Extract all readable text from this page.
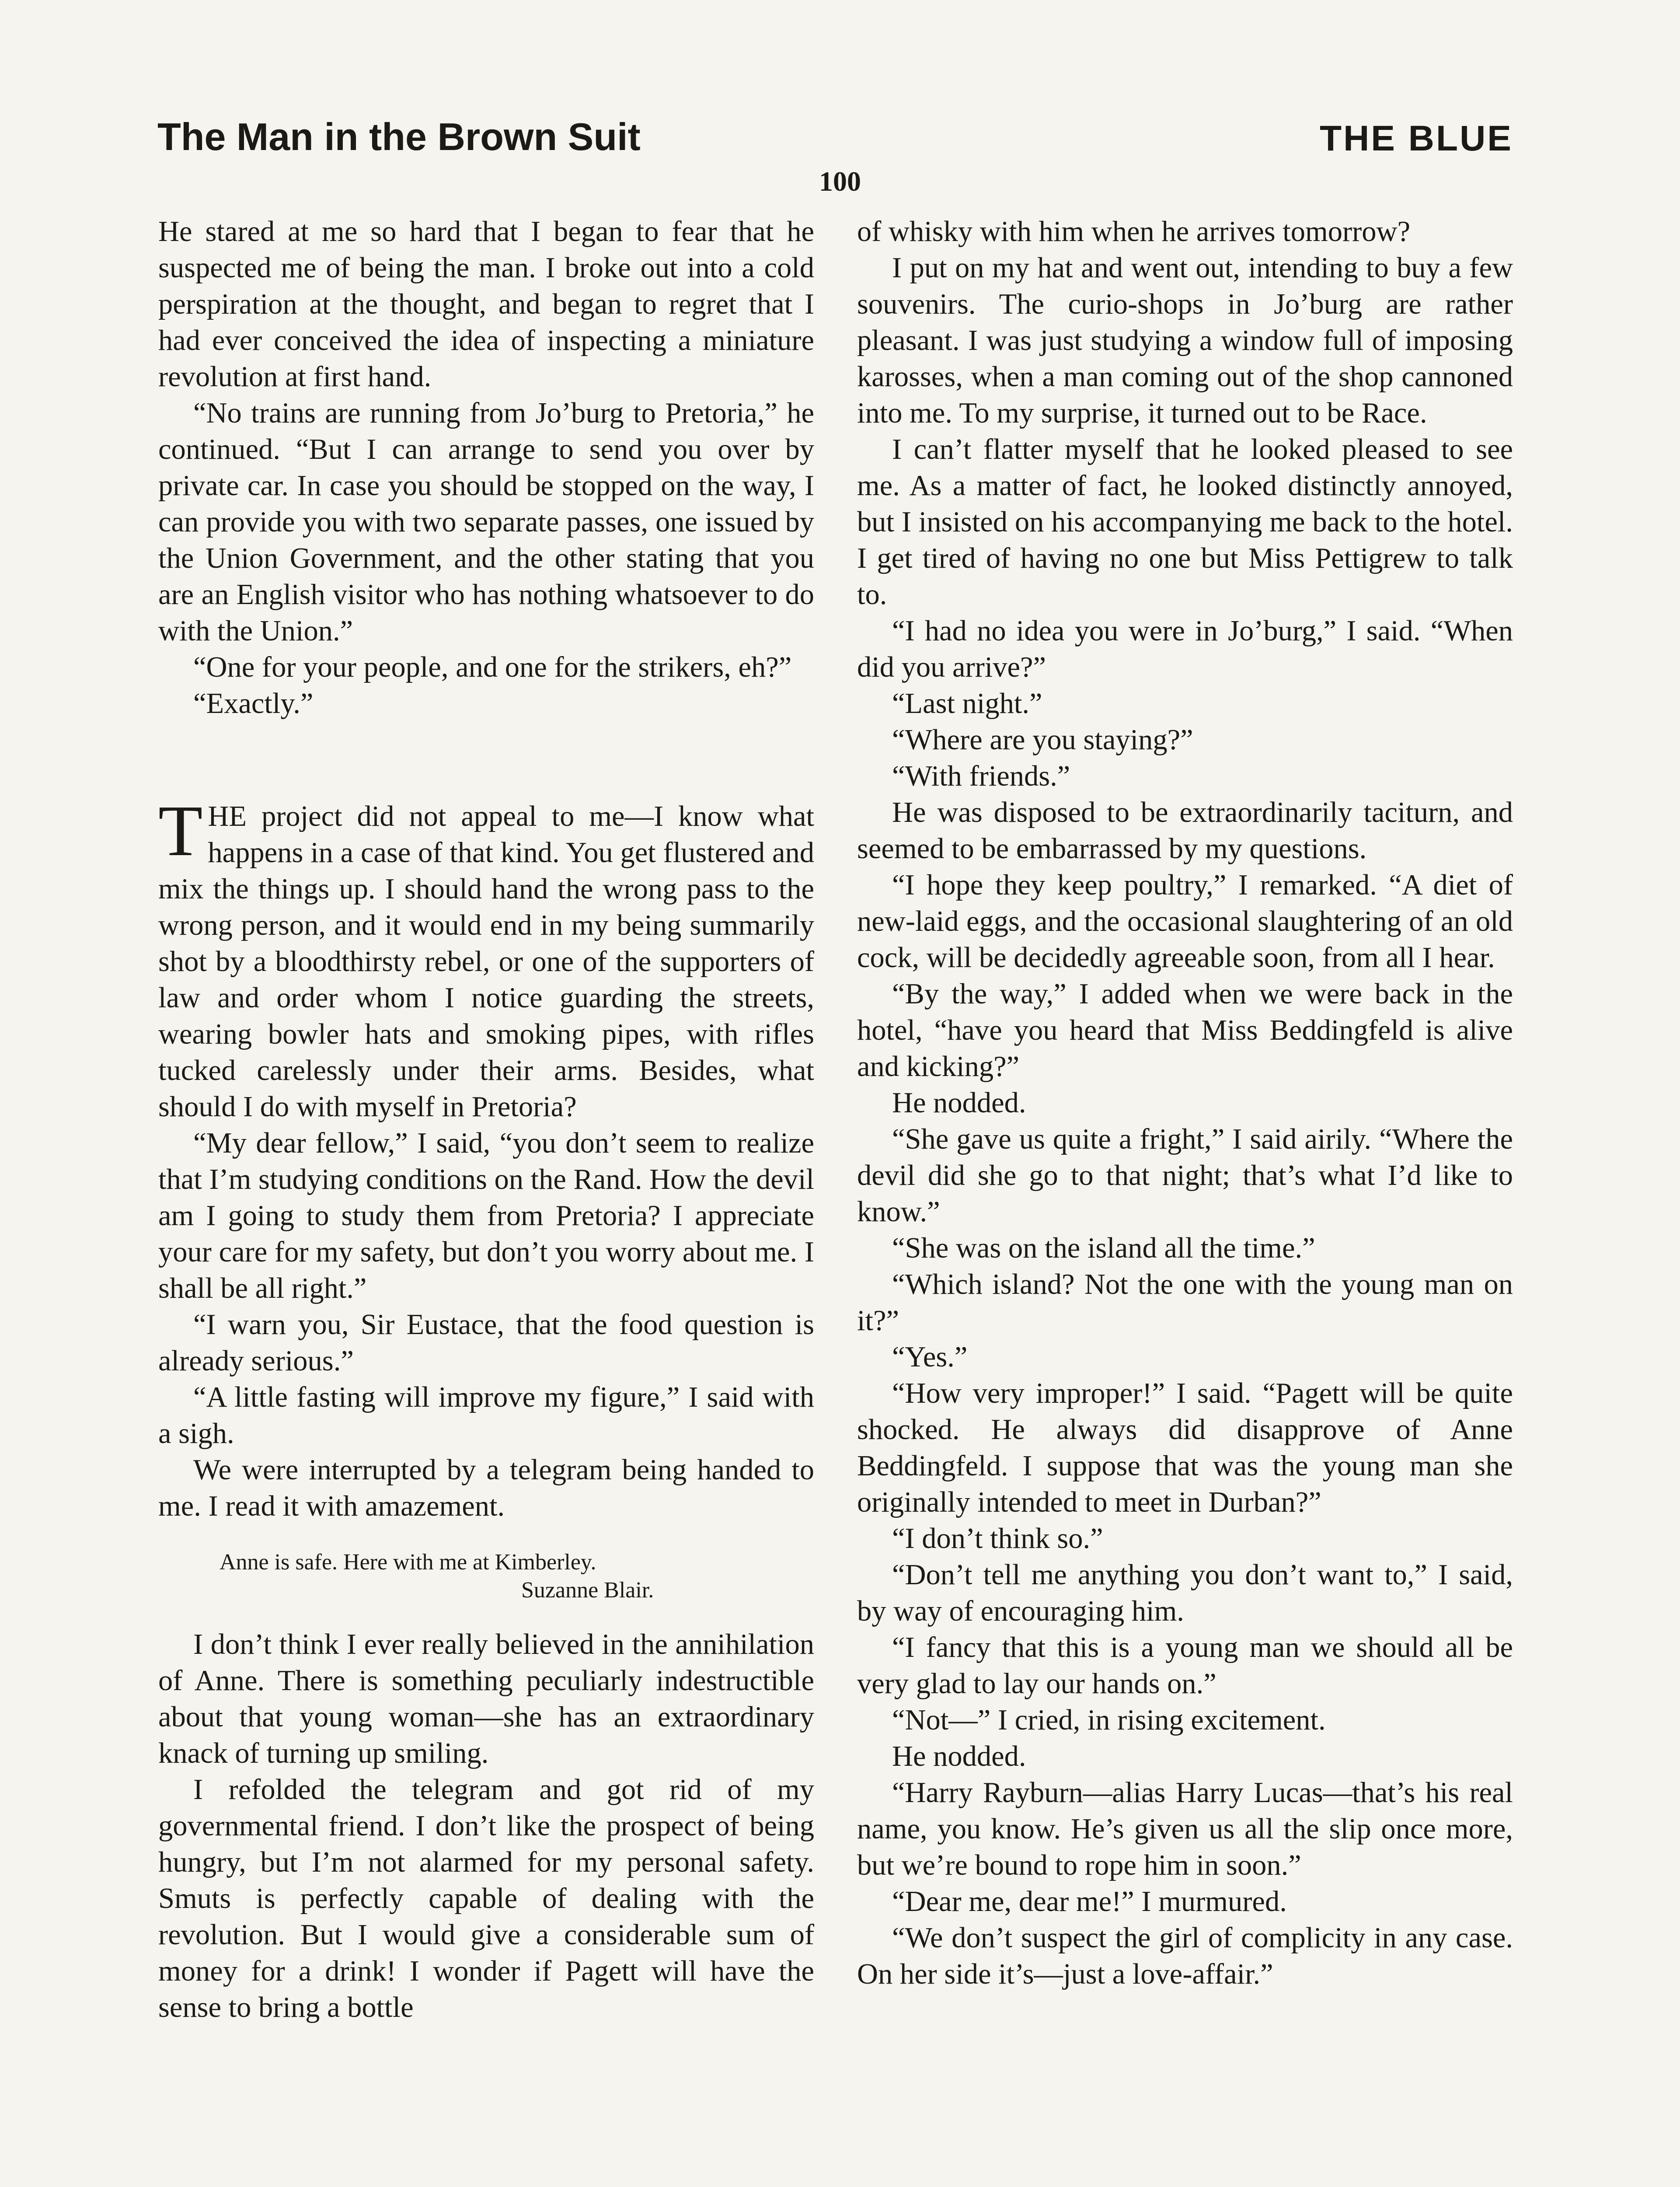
The Man in the Brown Suit	THE BLUE
100

He stared at me so hard that I began to fear that he suspected me of being the man. I broke out into a cold perspiration at the thought, and began to regret that I had ever conceived the idea of inspecting a miniature revolution at first hand.

“No trains are running from Jo’burg to Pretoria,” he continued. “But I can arrange to send you over by private car. In case you should be stopped on the way, I can provide you with two separate passes, one issued by the Union Government, and the other stating that you are an English visitor who has nothing whatsoever to do with the Union.”

“One for your people, and one for the strikers, eh?”

“Exactly.”

THE project did not appeal to me—I know what happens in a case of that kind. You get flustered and mix the things up. I should hand the wrong pass to the wrong person, and it would end in my being summarily shot by a bloodthirsty rebel, or one of the supporters of law and order whom I notice guarding the streets, wearing bowler hats and smoking pipes, with rifles tucked carelessly under their arms. Besides, what should I do with myself in Pretoria?

“My dear fellow,” I said, “you don’t seem to realize that I’m studying conditions on the Rand. How the devil am I going to study them from Pretoria? I appreciate your care for my safety, but don’t you worry about me. I shall be all right.”

“I warn you, Sir Eustace, that the food question is already serious.”

“A little fasting will improve my figure,” I said with a sigh.

We were interrupted by a telegram being handed to me. I read it with amazement.

Anne is safe. Here with me at Kimberley.
Suzanne Blair.

I don’t think I ever really believed in the annihilation of Anne. There is something peculiarly indestructible about that young woman—she has an extraordinary knack of turning up smiling.

I refolded the telegram and got rid of my governmental friend. I don’t like the prospect of being hungry, but I’m not alarmed for my personal safety. Smuts is perfectly capable of dealing with the revolution. But I would give a considerable sum of money for a drink! I wonder if Pagett will have the sense to bring a bottle

of whisky with him when he arrives tomorrow?

I put on my hat and went out, intending to buy a few souvenirs. The curio-shops in Jo’burg are rather pleasant. I was just studying a window full of imposing karosses, when a man coming out of the shop cannoned into me. To my surprise, it turned out to be Race.

I can’t flatter myself that he looked pleased to see me. As a matter of fact, he looked distinctly annoyed, but I insisted on his accompanying me back to the hotel. I get tired of having no one but Miss Pettigrew to talk to.

“I had no idea you were in Jo’burg,” I said. “When did you arrive?”

“Last night.”

“Where are you staying?”

“With friends.”

He was disposed to be extraordinarily taciturn, and seemed to be embarrassed by my questions.

“I hope they keep poultry,” I remarked. “A diet of new-laid eggs, and the occasional slaughtering of an old cock, will be decidedly agreeable soon, from all I hear.

“By the way,” I added when we were back in the hotel, “have you heard that Miss Beddingfeld is alive and kicking?”

He nodded.

“She gave us quite a fright,” I said airily. “Where the devil did she go to that night; that’s what I’d like to know.”

“She was on the island all the time.”

“Which island? Not the one with the young man on it?”

“Yes.”

“How very improper!” I said. “Pagett will be quite shocked. He always did disapprove of Anne Beddingfeld. I suppose that was the young man she originally intended to meet in Durban?”

“I don’t think so.”

“Don’t tell me anything you don’t want to,” I said, by way of encouraging him.

“I fancy that this is a young man we should all be very glad to lay our hands on.”

“Not—” I cried, in rising excitement.

He nodded.

“Harry Rayburn—alias Harry Lucas—that’s his real name, you know. He’s given us all the slip once more, but we’re bound to rope him in soon.”

“Dear me, dear me!” I murmured.

“We don’t suspect the girl of complicity in any case. On her side it’s—just a love-affair.”
